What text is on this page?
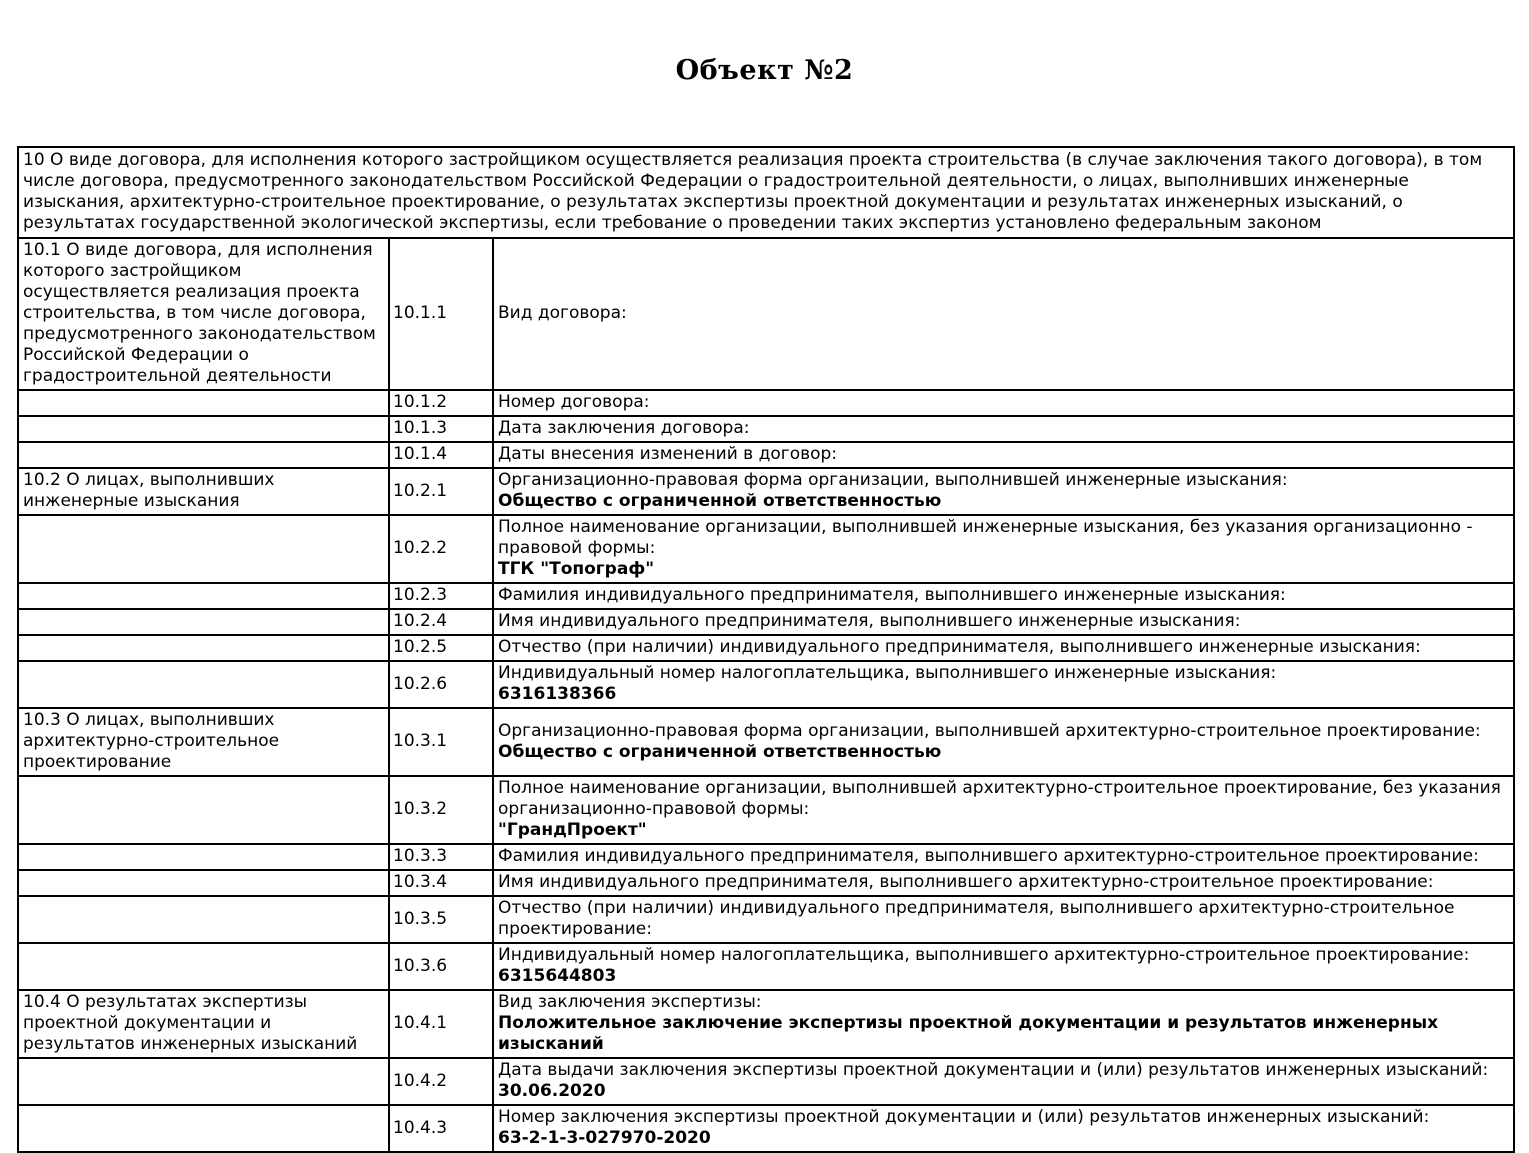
Объект №2
10 О виде договора, для исполнения которого застройщиком осуществляется реализация проекта строительства (в случае заключения такого договора), в том числе договора, предусмотренного законодательством Российской Федерации о градостроительной деятельности, о лицах, выполнивших инженерные изыскания, архитектурно-строительное проектирование, о результатах экспертизы проектной документации и результатах инженерных изысканий, о результатах государственной экологической экспертизы, если требование о проведении таких экспертиз установлено федеральным законом		
10.1 О виде договора, для исполнения которого застройщиком осуществляется реализация проекта строительства, в том числе договора, предусмотренного законодательством Российской Федерации о градостроительной деятельности	10.1.1	Вид договора:

	10.1.2	Номер договора:

	10.1.3	Дата заключения договора:

	10.1.4	Даты внесения изменений в договор:

10.2 О лицах, выполнивших инженерные изыскания	10.2.1	Организационно-правовая форма организации, выполнившей инженерные изыскания:
Общество с ограниченной ответственностью

	10.2.2	Полное наименование организации, выполнившей инженерные изыскания, без указания организационно - правовой формы:
ТГК "Топограф"

	10.2.3	Фамилия индивидуального предпринимателя, выполнившего инженерные изыскания:

	10.2.4	Имя индивидуального предпринимателя, выполнившего инженерные изыскания:

	10.2.5	Отчество (при наличии) индивидуального предпринимателя, выполнившего инженерные изыскания:

	10.2.6	Индивидуальный номер налогоплательщика, выполнившего инженерные изыскания:
6316138366

10.3 О лицах, выполнивших архитектурно-строительное проектирование	10.3.1	Организационно-правовая форма организации, выполнившей архитектурно-строительное проектирование:
Общество с ограниченной ответственностью

	10.3.2	Полное наименование организации, выполнившей архитектурно-строительное проектирование, без указания организационно-правовой формы:
"ГрандПроект"

	10.3.3	Фамилия индивидуального предпринимателя, выполнившего архитектурно-строительное проектирование:

	10.3.4	Имя индивидуального предпринимателя, выполнившего архитектурно-строительное проектирование:

	10.3.5	Отчество (при наличии) индивидуального предпринимателя, выполнившего архитектурно-строительное проектирование:

	10.3.6	Индивидуальный номер налогоплательщика, выполнившего архитектурно-строительное проектирование:
6315644803

10.4 О результатах экспертизы проектной документации и результатов инженерных изысканий	10.4.1	Вид заключения экспертизы:
Положительное заключение экспертизы проектной документации и результатов инженерных изысканий

	10.4.2	Дата выдачи заключения экспертизы проектной документации и (или) результатов инженерных изысканий:
30.06.2020

	10.4.3	Номер заключения экспертизы проектной документации и (или) результатов инженерных изысканий:
63-2-1-3-027970-2020
